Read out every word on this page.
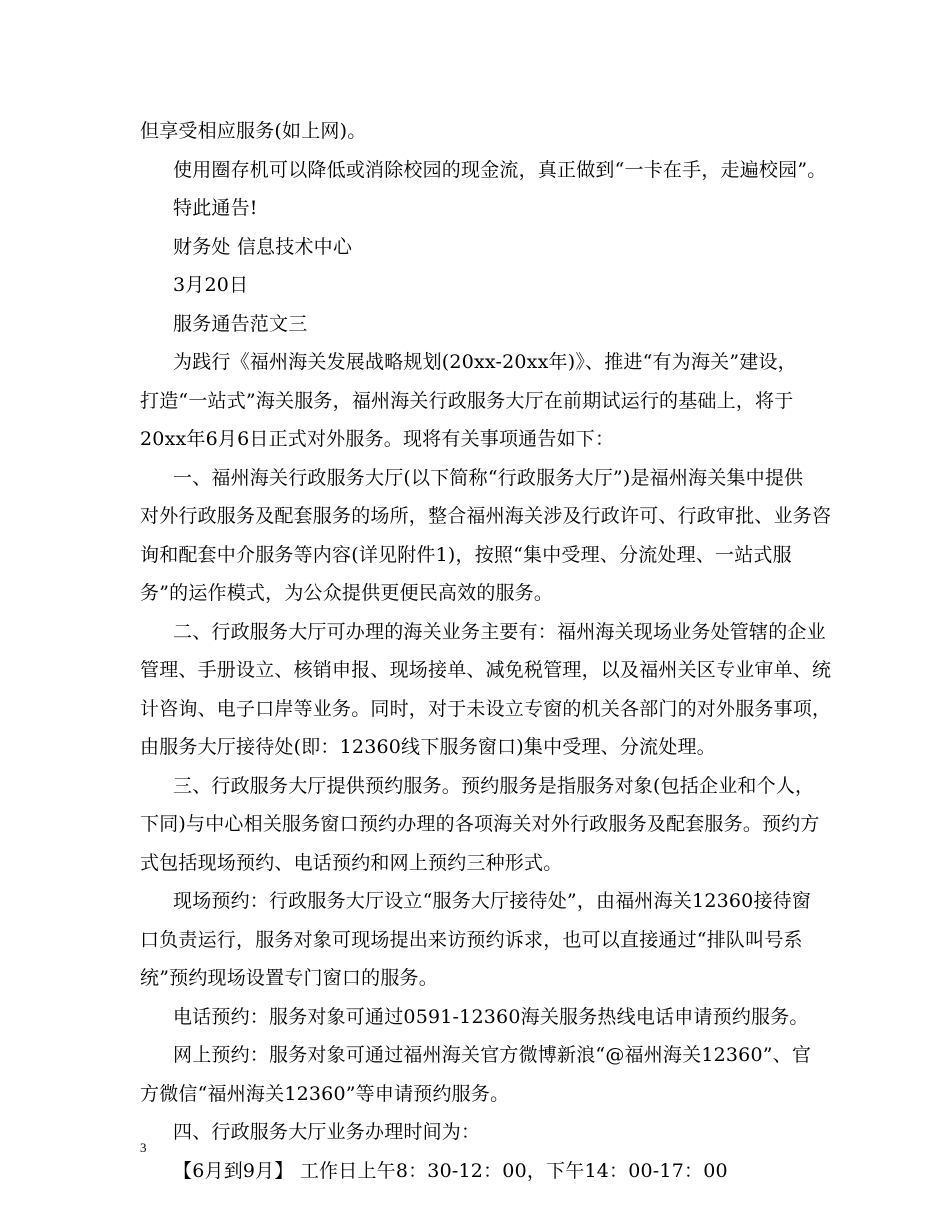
但享受相应服务(如上网)。
使用圈存机可以降低或消除校园的现金流，真正做到“一卡在手，走遍校园”。
特此通告!
财务处 信息技术中心
3月20日
服务通告范文三
为践行《福州海关发展战略规划(20xx-20xx年)》、推进“有为海关”建设，
打造“一站式”海关服务，福州海关行政服务大厅在前期试运行的基础上，将于
20xx年6月6日正式对外服务。现将有关事项通告如下：
一、福州海关行政服务大厅(以下简称“行政服务大厅”)是福州海关集中提供
对外行政服务及配套服务的场所，整合福州海关涉及行政许可、行政审批、业务咨
询和配套中介服务等内容(详见附件1)，按照“集中受理、分流处理、一站式服
务”的运作模式，为公众提供更便民高效的服务。
二、行政服务大厅可办理的海关业务主要有：福州海关现场业务处管辖的企业
管理、手册设立、核销申报、现场接单、减免税管理，以及福州关区专业审单、统
计咨询、电子口岸等业务。同时，对于未设立专窗的机关各部门的对外服务事项，
由服务大厅接待处(即：12360线下服务窗口)集中受理、分流处理。
三、行政服务大厅提供预约服务。预约服务是指服务对象(包括企业和个人，
下同)与中心相关服务窗口预约办理的各项海关对外行政服务及配套服务。预约方
式包括现场预约、电话预约和网上预约三种形式。
现场预约：行政服务大厅设立“服务大厅接待处”，由福州海关12360接待窗
口负责运行，服务对象可现场提出来访预约诉求，也可以直接通过“排队叫号系
统”预约现场设置专门窗口的服务。
电话预约：服务对象可通过0591-12360海关服务热线电话申请预约服务。
网上预约：服务对象可通过福州海关官方微博新浪“@福州海关12360”、官
方微信“福州海关12360”等申请预约服务。
四、行政服务大厅业务办理时间为：
【6月到9月】 工作日上午8：30-12：00，下午14：00-17：00
3
